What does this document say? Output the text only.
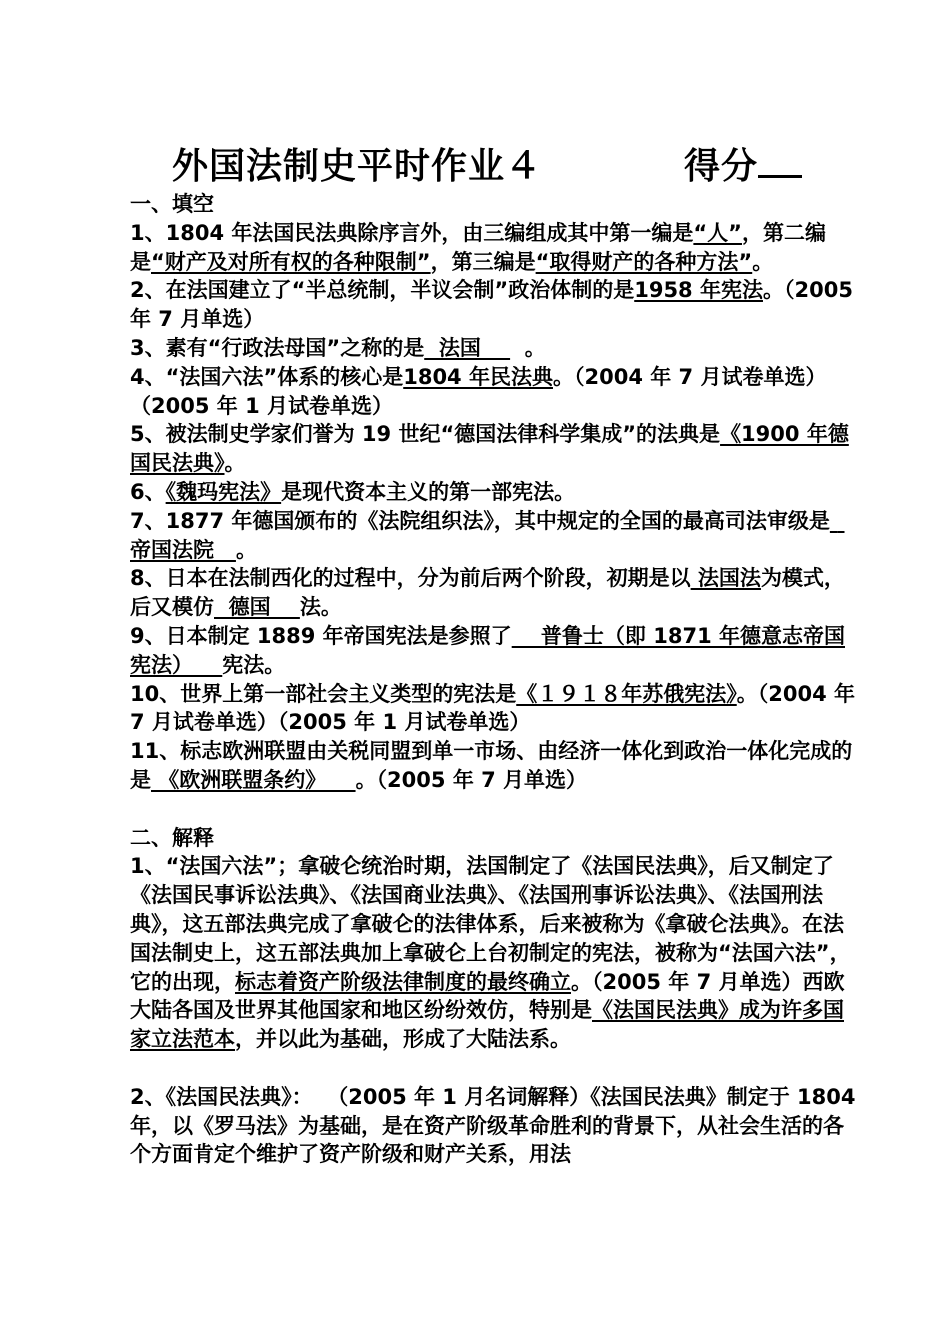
外国法制史平时作业４	得分

一、填空

1、1804 年法国民法典除序言外，由三编组成其中第一编是“人”，第二编是“财产及对所有权的各种限制”，第三编是“取得财产的各种方法”。

2、在法国建立了“半总统制，半议会制”政治体制的是1958 年宪法。（2005 年 7 月单选）

3、素有“行政法母国”之称的是  法国      。

4、“法国六法”体系的核心是1804 年民法典。（2004 年 7 月试卷单选）（2005 年 1 月试卷单选）

5、被法制史学家们誉为 19 世纪“德国法律科学集成”的法典是《1900 年德国民法典》。

6、《魏玛宪法》是现代资本主义的第一部宪法。

7、1877 年德国颁布的《法院组织法》，其中规定的全国的最高司法审级是  帝国法院   。

8、日本在法制西化的过程中，分为前后两个阶段，初期是以 法国法为模式，后又模仿  德国    法。

9、日本制定 1889 年帝国宪法是参照了    普鲁士（即 1871 年德意志帝国宪法）    宪法。

10、世界上第一部社会主义类型的宪法是《１９１８年苏俄宪法》。（2004 年 7 月试卷单选）（2005 年 1 月试卷单选）

11、标志欧洲联盟由关税同盟到单一市场、由经济一体化到政治一体化完成的是 《欧洲联盟条约》    。（2005 年 7 月单选）

二、解释

1、“法国六法”；拿破仑统治时期，法国制定了《法国民法典》，后又制定了《法国民事诉讼法典》、《法国商业法典》、《法国刑事诉讼法典》、《法国刑法典》，这五部法典完成了拿破仑的法律体系，后来被称为《拿破仑法典》。在法国法制史上，这五部法典加上拿破仑上台初制定的宪法，被称为“法国六法”，它的出现，标志着资产阶级法律制度的最终确立。（2005 年 7 月单选）西欧大陆各国及世界其他国家和地区纷纷效仿，特别是《法国民法典》成为许多国家立法范本，并以此为基础，形成了大陆法系。

2、《法国民法典》：  （2005 年 1 月名词解释）《法国民法典》制定于 1804 年，以《罗马法》为基础，是在资产阶级革命胜利的背景下，从社会生活的各个方面肯定个维护了资产阶级和财产关系，用法
